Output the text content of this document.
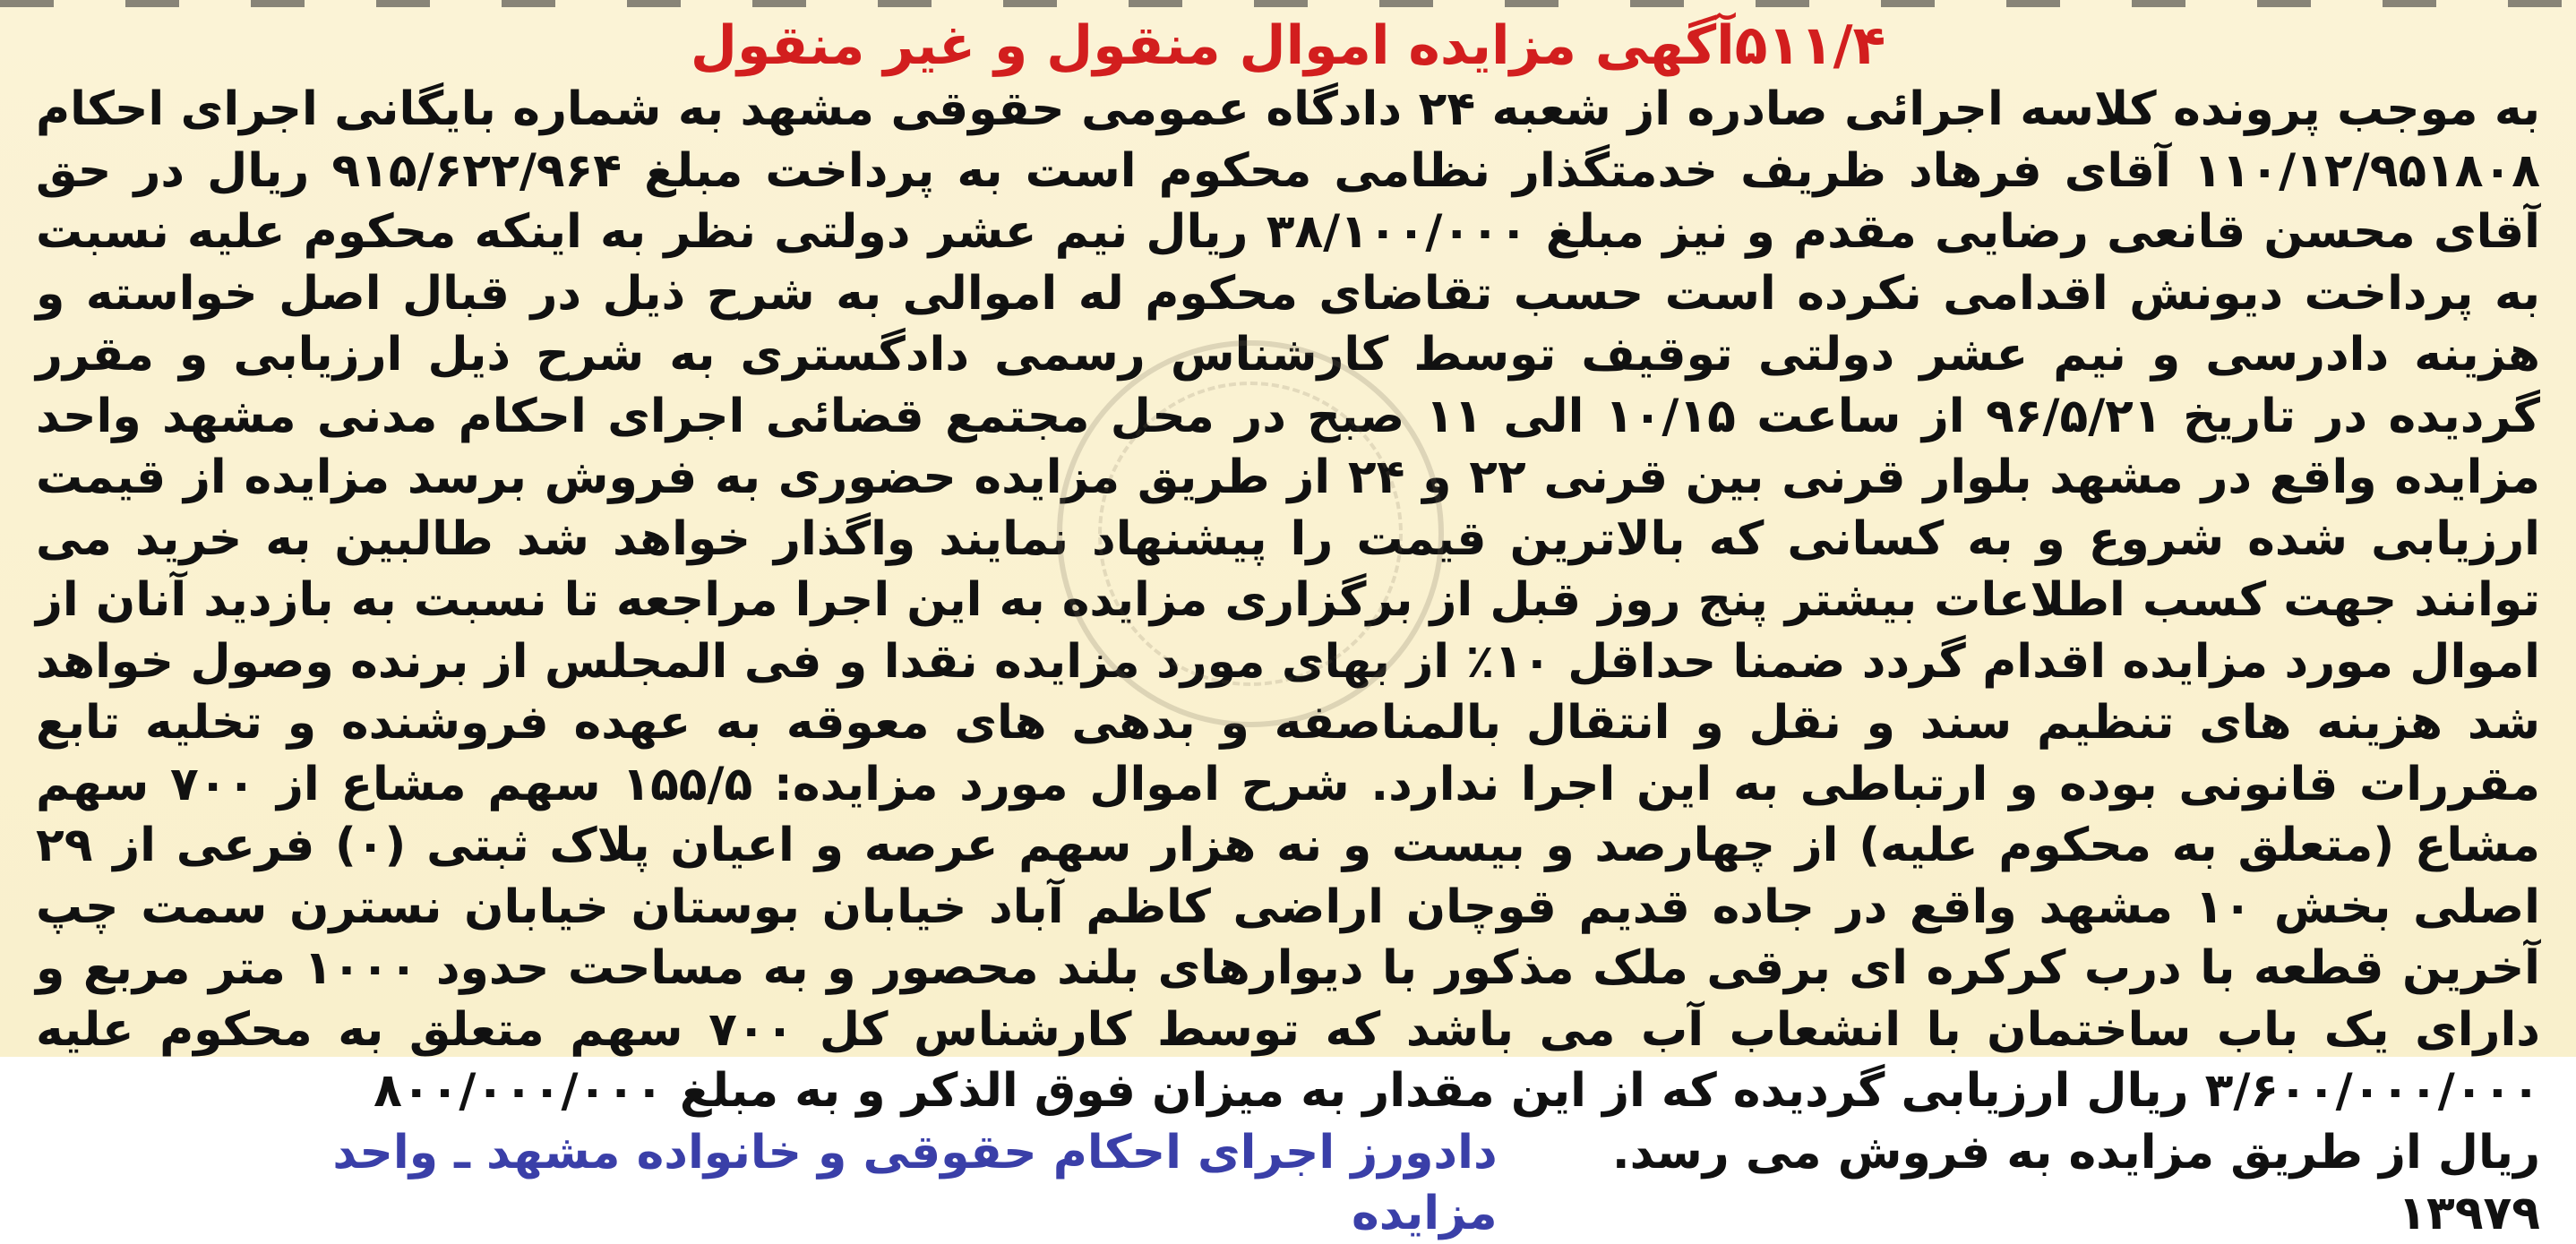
۵۱۱/۴آگهی مزایده اموال منقول و غیر منقول

به موجب پرونده کلاسه اجرائی صادره از شعبه ۲۴ دادگاه عمومی حقوقی مشهد به شماره بایگانی اجرای احکام ۱۱۰/۱۲/۹۵۱۸۰۸ آقای فرهاد ظریف خدمتگذار نظامی محکوم است به پرداخت مبلغ ۹۱۵/۶۲۲/۹۶۴ ریال در حق آقای محسن قانعی رضایی مقدم و نیز مبلغ ۳۸/۱۰۰/۰۰۰ ریال نیم عشر دولتی نظر به اینکه محکوم علیه نسبت به پرداخت دیونش اقدامی نکرده است حسب تقاضای محکوم له اموالی به شرح ذیل در قبال اصل خواسته و هزینه دادرسی و نیم عشر دولتی توقیف توسط کارشناس رسمی دادگستری به شرح ذیل ارزیابی و مقرر گردیده در تاریخ ۹۶/۵/۲۱ از ساعت ۱۰/۱۵ الی ۱۱ صبح در محل مجتمع قضائی اجرای احکام مدنی مشهد واحد مزایده واقع در مشهد بلوار قرنی بین قرنی ۲۲ و ۲۴ از طریق مزایده حضوری به فروش برسد مزایده از قیمت ارزیابی شده شروع و به کسانی که بالاترین قیمت را پیشنهاد نمایند واگذار خواهد شد طالبین به خرید می توانند جهت کسب اطلاعات بیشتر پنج روز قبل از برگزاری مزایده به این اجرا مراجعه تا نسبت به بازدید آنان از اموال مورد مزایده اقدام گردد ضمنا حداقل ۱۰٪ از بهای مورد مزایده نقدا و فی المجلس از برنده وصول خواهد شد هزینه های تنظیم سند و نقل و انتقال بالمناصفه و بدهی های معوقه به عهده فروشنده و تخلیه تابع مقررات قانونی بوده و ارتباطی به این اجرا ندارد. شرح اموال مورد مزایده: ۱۵۵/۵ سهم مشاع از ۷۰۰ سهم مشاع (متعلق به محکوم علیه) از چهارصد و بیست و نه هزار سهم عرصه و اعیان پلاک ثبتی (۰) فرعی از ۲۹ اصلی بخش ۱۰ مشهد واقع در جاده قدیم قوچان اراضی کاظم آباد خیابان بوستان خیابان نسترن سمت چپ آخرین قطعه با درب کرکره ای برقی ملک مذکور با دیوارهای بلند محصور و به مساحت حدود ۱۰۰۰ متر مربع و دارای یک باب ساختمان با انشعاب آب می باشد که توسط کارشناس کل ۷۰۰ سهم متعلق به محکوم علیه ۳/۶۰۰/۰۰۰/۰۰۰ ریال ارزیابی گردیده که از این مقدار به میزان فوق الذکر و به مبلغ ۸۰۰/۰۰۰/۰۰۰

ریال از طریق مزایده به فروش می رسد. ۱۳۹۷۹
دادورز اجرای احکام حقوقی و خانواده مشهد ـ واحد مزایده
